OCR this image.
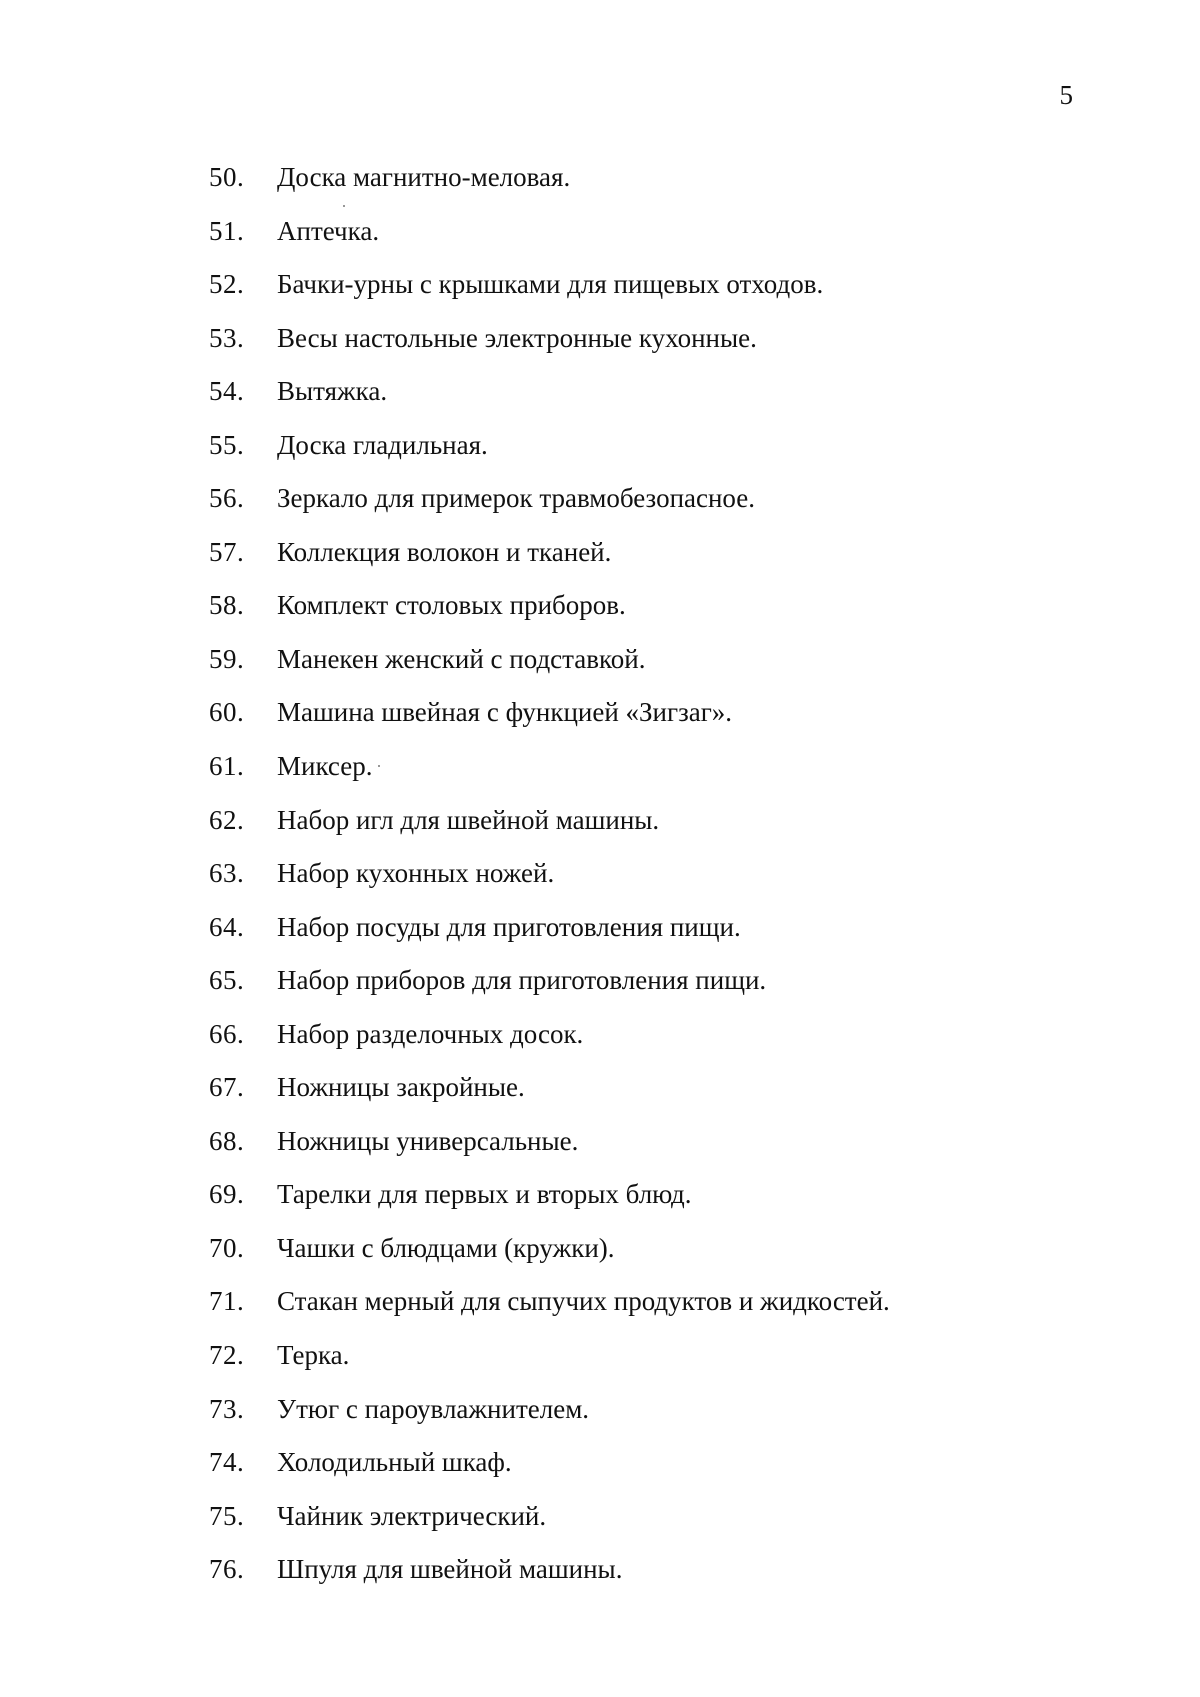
5
50. Доска магнитно-меловая.
51. Аптечка.
52. Бачки-урны с крышками для пищевых отходов.
53. Весы настольные электронные кухонные.
54. Вытяжка.
55. Доска гладильная.
56. Зеркало для примерок травмобезопасное.
57. Коллекция волокон и тканей.
58. Комплект столовых приборов.
59. Манекен женский с подставкой.
60. Машина швейная с функцией «Зигзаг».
61. Миксер.
62. Набор игл для швейной машины.
63. Набор кухонных ножей.
64. Набор посуды для приготовления пищи.
65. Набор приборов для приготовления пищи.
66. Набор разделочных досок.
67. Ножницы закройные.
68. Ножницы универсальные.
69. Тарелки для первых и вторых блюд.
70. Чашки с блюдцами (кружки).
71. Стакан мерный для сыпучих продуктов и жидкостей.
72. Терка.
73. Утюг с пароувлажнителем.
74. Холодильный шкаф.
75. Чайник электрический.
76. Шпуля для швейной машины.
